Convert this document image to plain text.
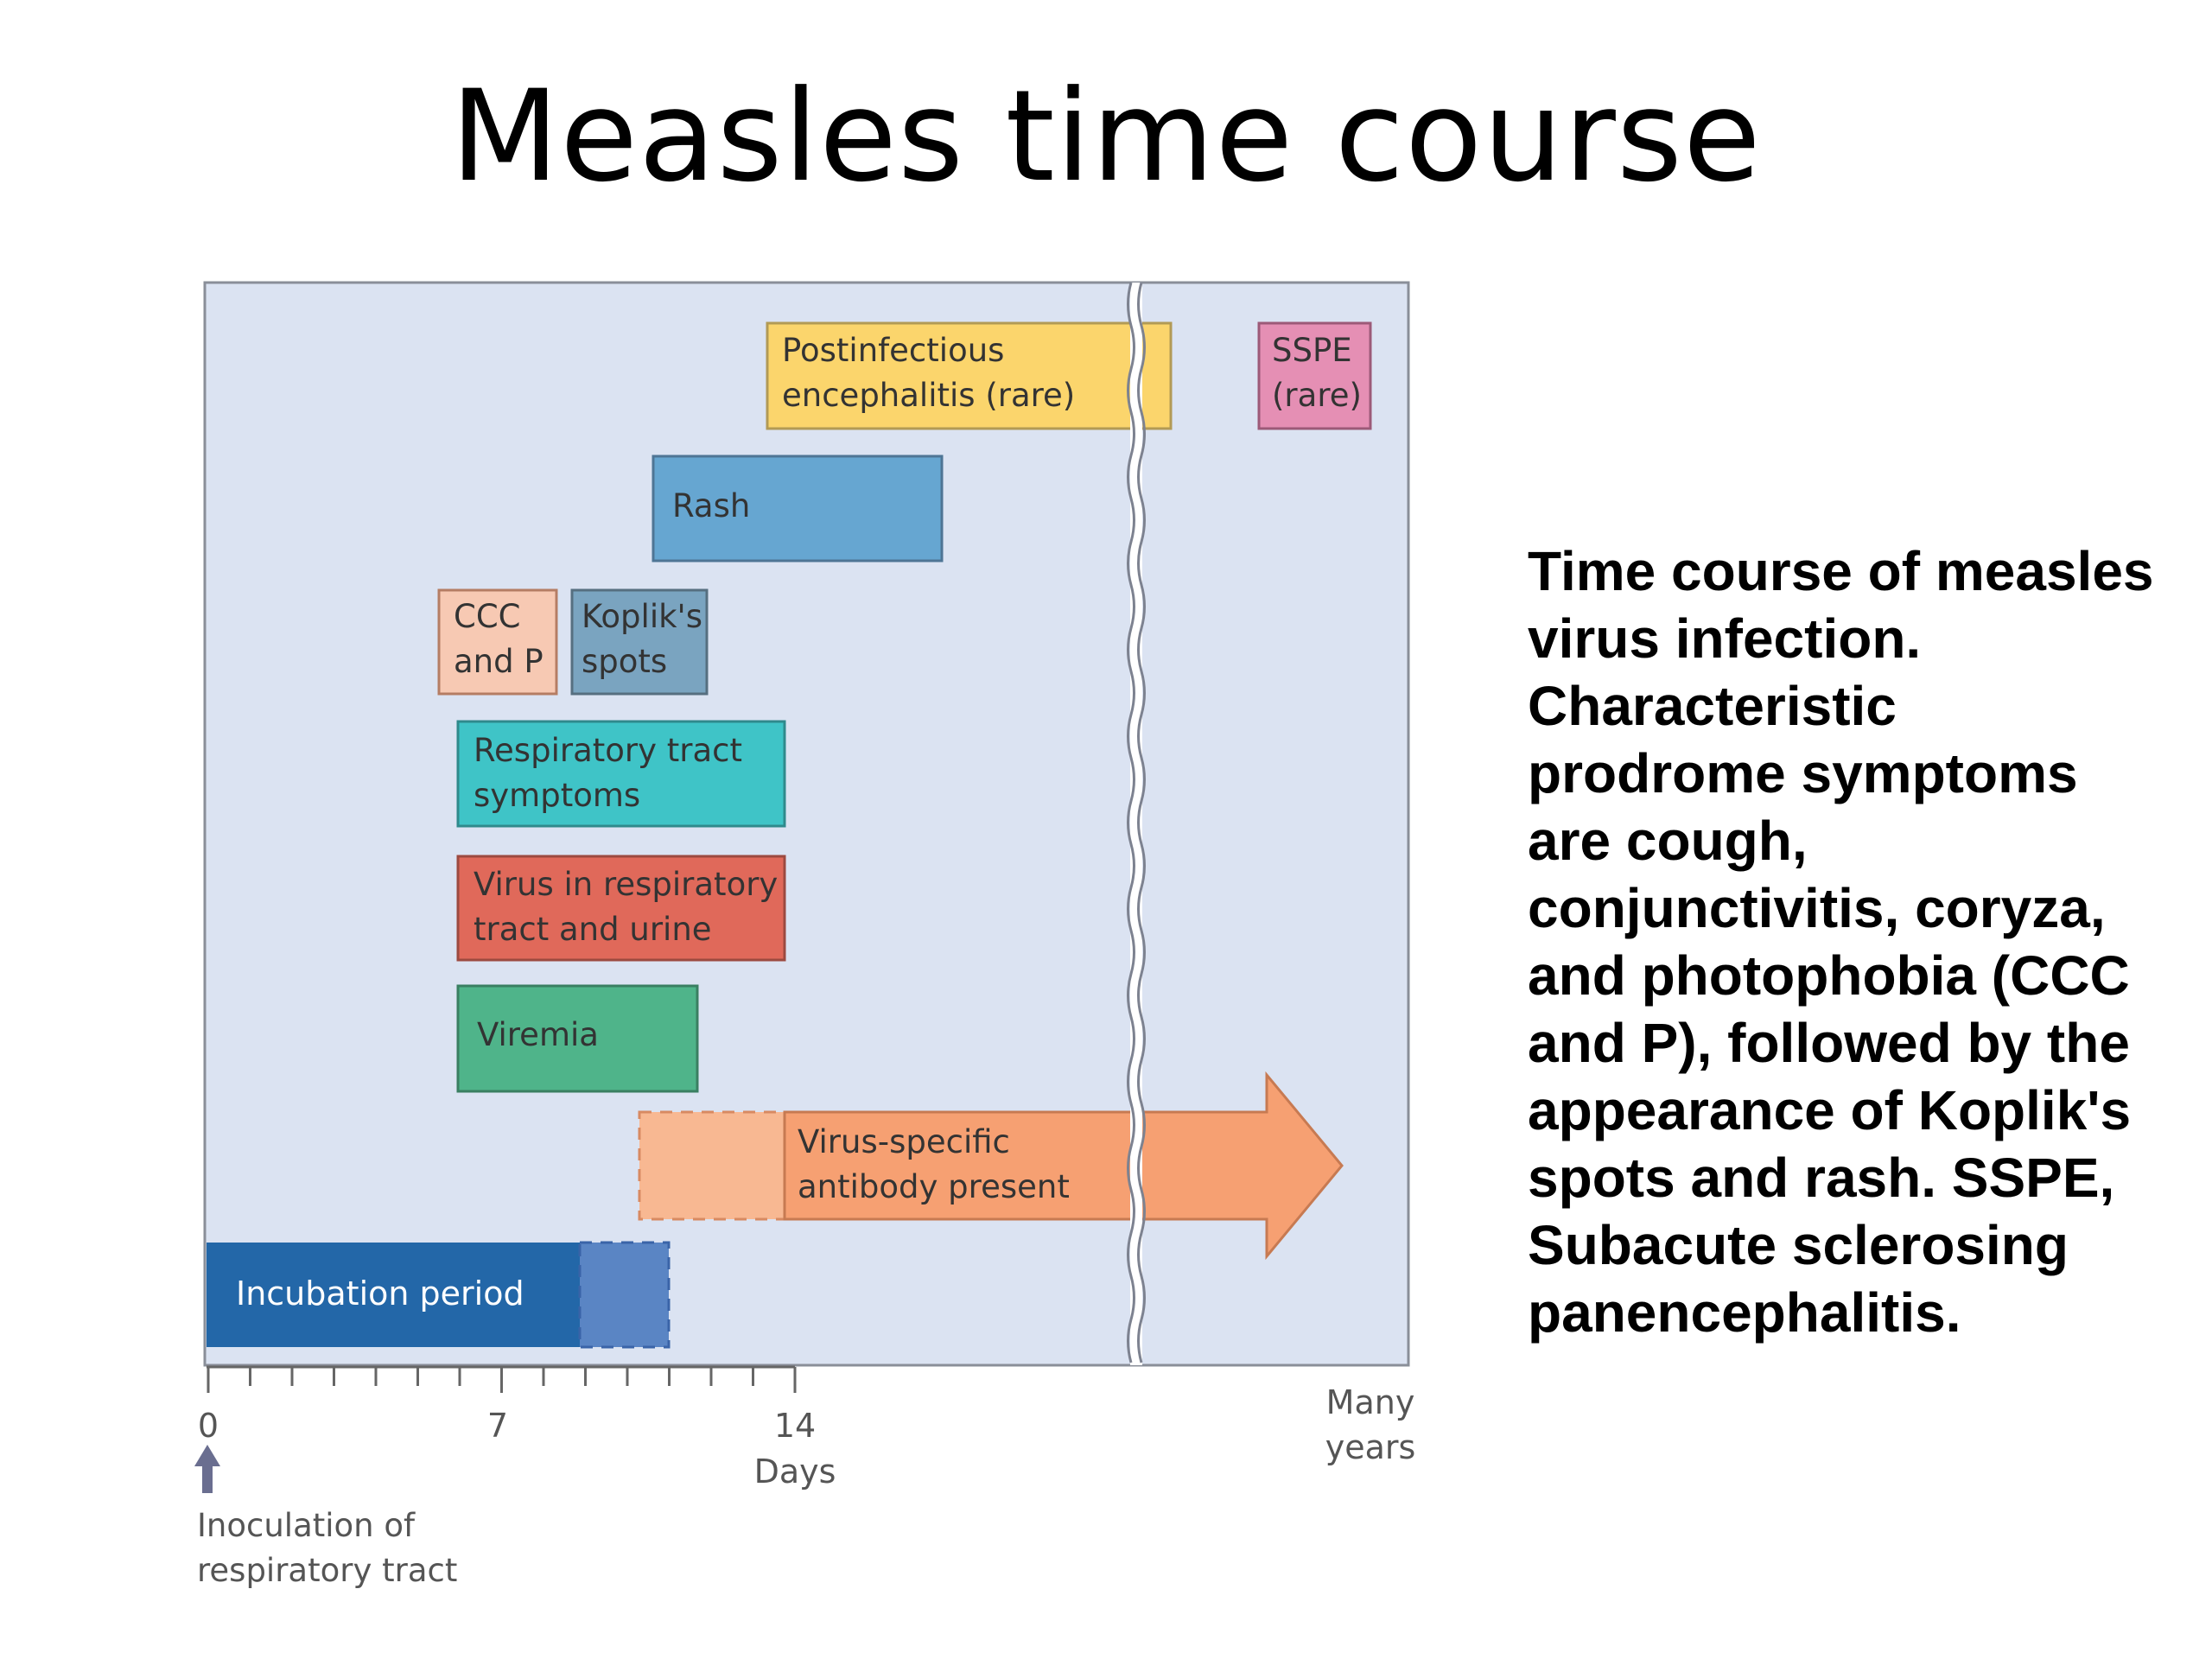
Measles time course
Postinfectious
encephalitis (rare)
SSPE
(rare)
Rash
CCC
and P
Koplik's
spots
Respiratory tract
symptoms
Virus in respiratory
tract and urine
Viremia
Virus-specific
antibody present
Incubation period
0	7	14
Days
Many
years
Inoculation of
respiratory tract
Time course of measles virus infection. Characteristic prodrome symptoms are cough, conjunctivitis, coryza, and photophobia (CCC and P), followed by the appearance of Koplik's spots and rash. SSPE, Subacute sclerosing panencephalitis.
